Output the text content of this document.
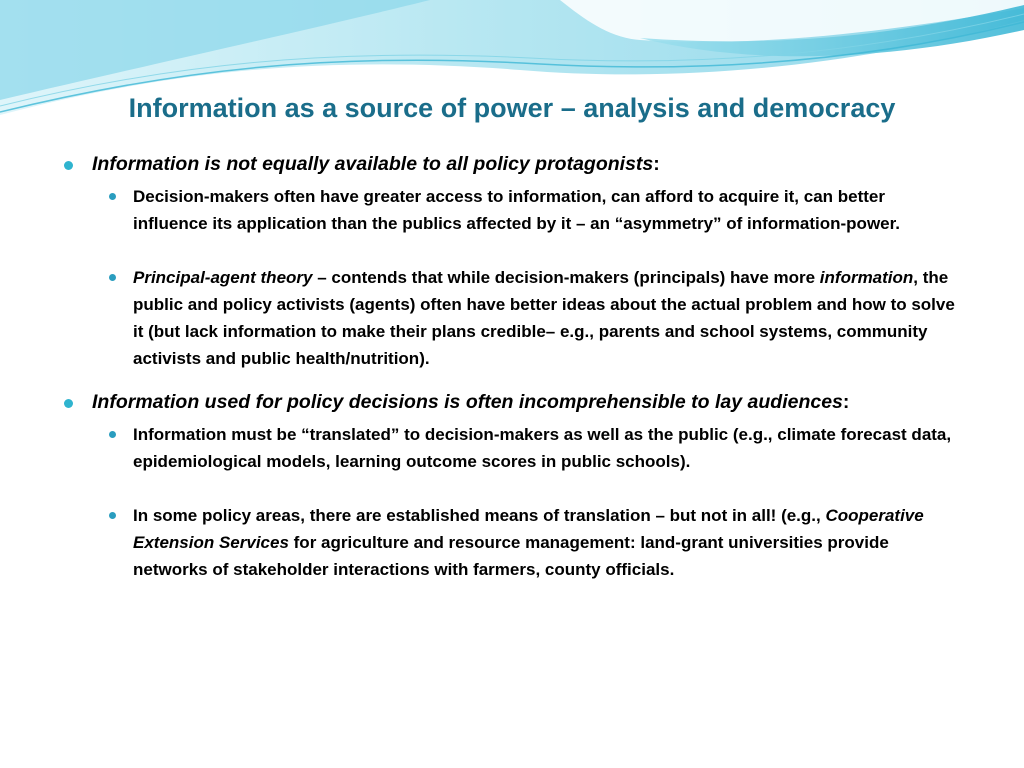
Information as a source of power – analysis and democracy
Information is not equally available to all policy protagonists:
Decision-makers often have greater access to information, can afford to acquire it, can better influence its application than the publics affected by it – an “asymmetry” of information-power.
Principal-agent theory – contends that while decision-makers (principals) have more information, the public and policy activists (agents) often have better ideas about the actual problem and how to solve it (but lack information to make their plans credible– e.g., parents and school systems, community activists and public health/nutrition).
Information used for policy decisions is often incomprehensible to lay audiences:
Information must be “translated” to decision-makers as well as the public (e.g., climate forecast data, epidemiological models, learning outcome scores in public schools).
In some policy areas, there are established means of translation – but not in all! (e.g., Cooperative Extension Services for agriculture and resource management: land-grant universities provide networks of stakeholder interactions with farmers, county officials.
